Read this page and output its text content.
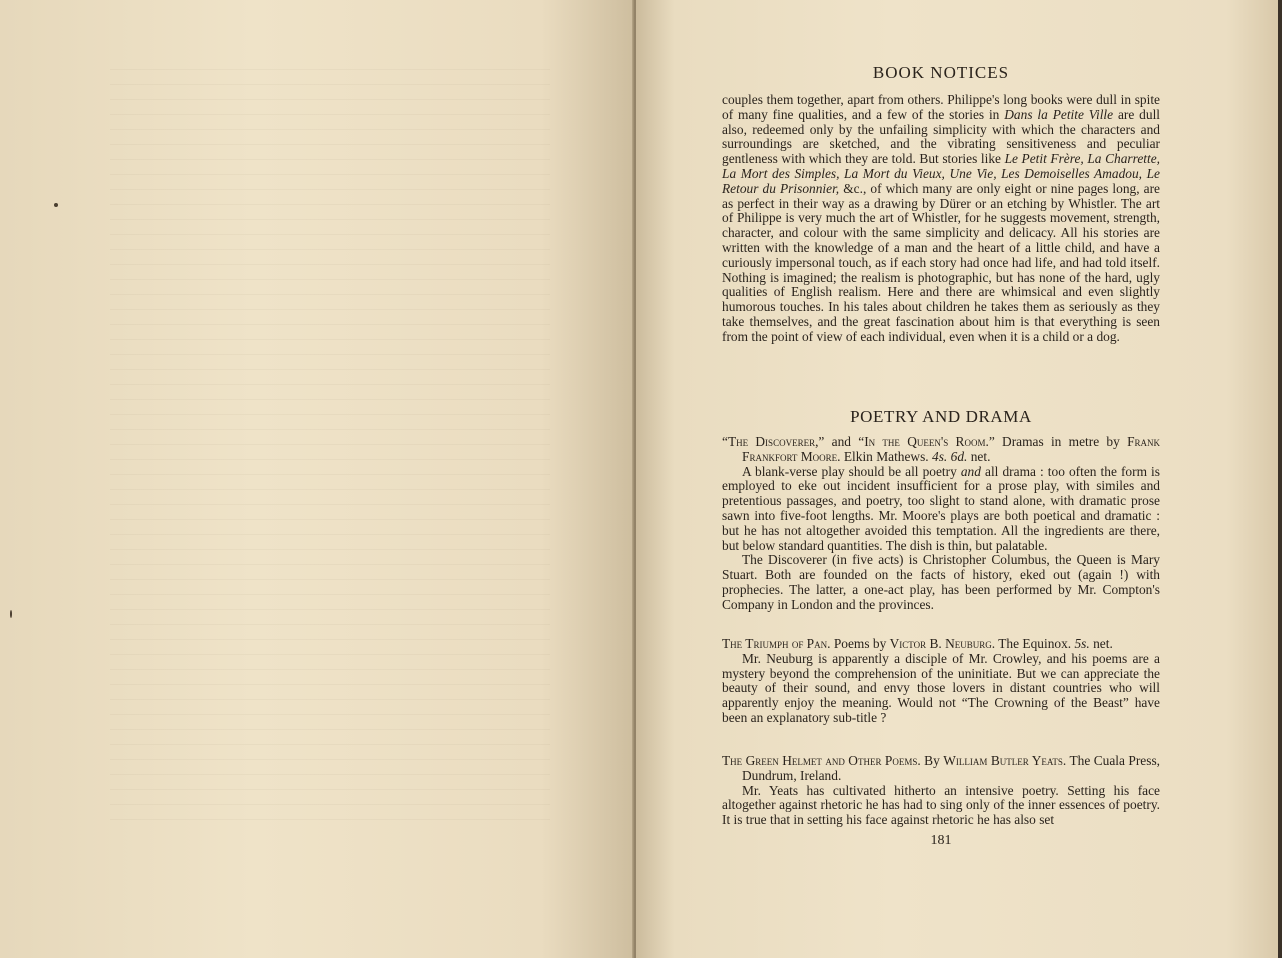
BOOK NOTICES

couples them together, apart from others. Philippe's long books were dull in spite of many fine qualities, and a few of the stories in Dans la Petite Ville are dull also, redeemed only by the unfailing simplicity with which the characters and surroundings are sketched, and the vibrating sensitiveness and peculiar gentleness with which they are told. But stories like Le Petit Frère, La Charrette, La Mort des Simples, La Mort du Vieux, Une Vie, Les Demoiselles Amadou, Le Retour du Prisonnier, &c., of which many are only eight or nine pages long, are as perfect in their way as a drawing by Dürer or an etching by Whistler. The art of Philippe is very much the art of Whistler, for he suggests movement, strength, character, and colour with the same simplicity and delicacy. All his stories are written with the knowledge of a man and the heart of a little child, and have a curiously impersonal touch, as if each story had once had life, and had told itself. Nothing is imagined; the realism is photographic, but has none of the hard, ugly qualities of English realism. Here and there are whimsical and even slightly humorous touches. In his tales about children he takes them as seriously as they take themselves, and the great fascination about him is that everything is seen from the point of view of each individual, even when it is a child or a dog.

POETRY AND DRAMA

“The Discoverer,” and “In the Queen's Room.” Dramas in metre by Frank Frankfort Moore. Elkin Mathews. 4s. 6d. net.

A blank-verse play should be all poetry and all drama : too often the form is employed to eke out incident insufficient for a prose play, with similes and pretentious passages, and poetry, too slight to stand alone, with dramatic prose sawn into five-foot lengths. Mr. Moore's plays are both poetical and dramatic : but he has not altogether avoided this temptation. All the ingredients are there, but below standard quantities. The dish is thin, but palatable.

The Discoverer (in five acts) is Christopher Columbus, the Queen is Mary Stuart. Both are founded on the facts of history, eked out (again !) with prophecies. The latter, a one-act play, has been performed by Mr. Compton's Company in London and the provinces.

The Triumph of Pan. Poems by Victor B. Neuburg. The Equinox. 5s. net.

Mr. Neuburg is apparently a disciple of Mr. Crowley, and his poems are a mystery beyond the comprehension of the uninitiate. But we can appreciate the beauty of their sound, and envy those lovers in distant countries who will apparently enjoy the meaning. Would not “The Crowning of the Beast” have been an explanatory sub-title ?

The Green Helmet and Other Poems. By William Butler Yeats. The Cuala Press, Dundrum, Ireland.

Mr. Yeats has cultivated hitherto an intensive poetry. Setting his face altogether against rhetoric he has had to sing only of the inner essences of poetry. It is true that in setting his face against rhetoric he has also set

181
